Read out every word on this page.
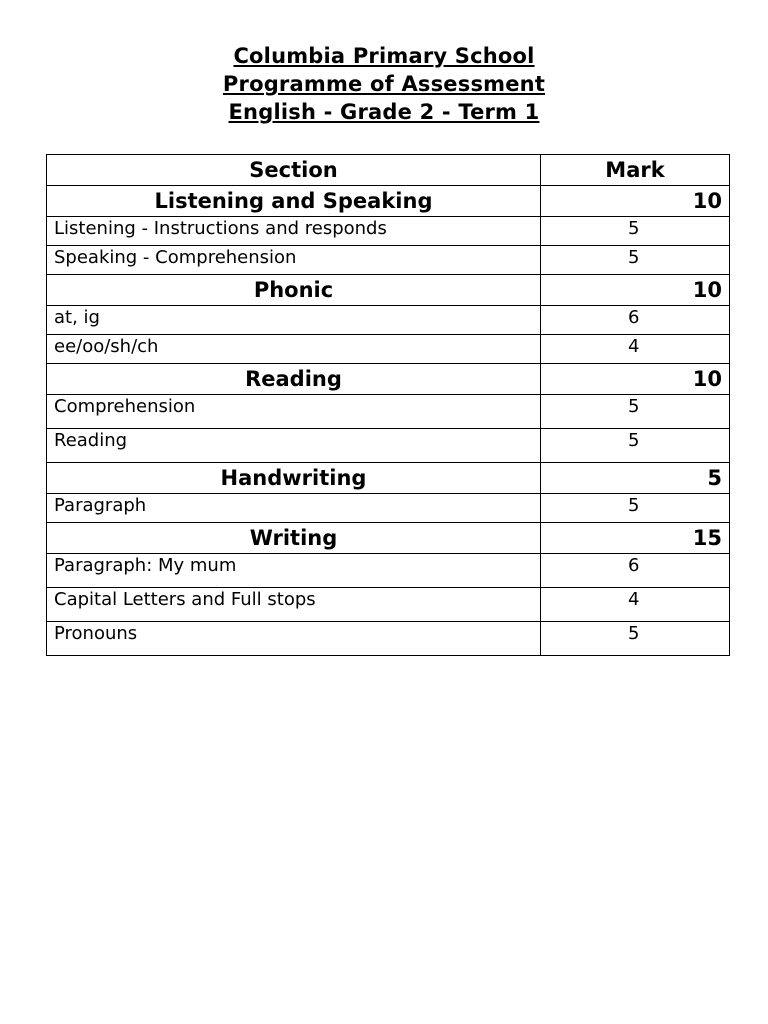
Columbia Primary School
Programme of Assessment
English - Grade 2 - Term 1
Section	Mark
Listening and Speaking	10
Listening - Instructions and responds	5
Speaking - Comprehension	5
Phonic	10
at, ig	6
ee/oo/sh/ch	4
Reading	10
Comprehension	5
Reading	5
Handwriting	5
Paragraph	5
Writing	15
Paragraph: My mum	6
Capital Letters and Full stops	4
Pronouns	5
